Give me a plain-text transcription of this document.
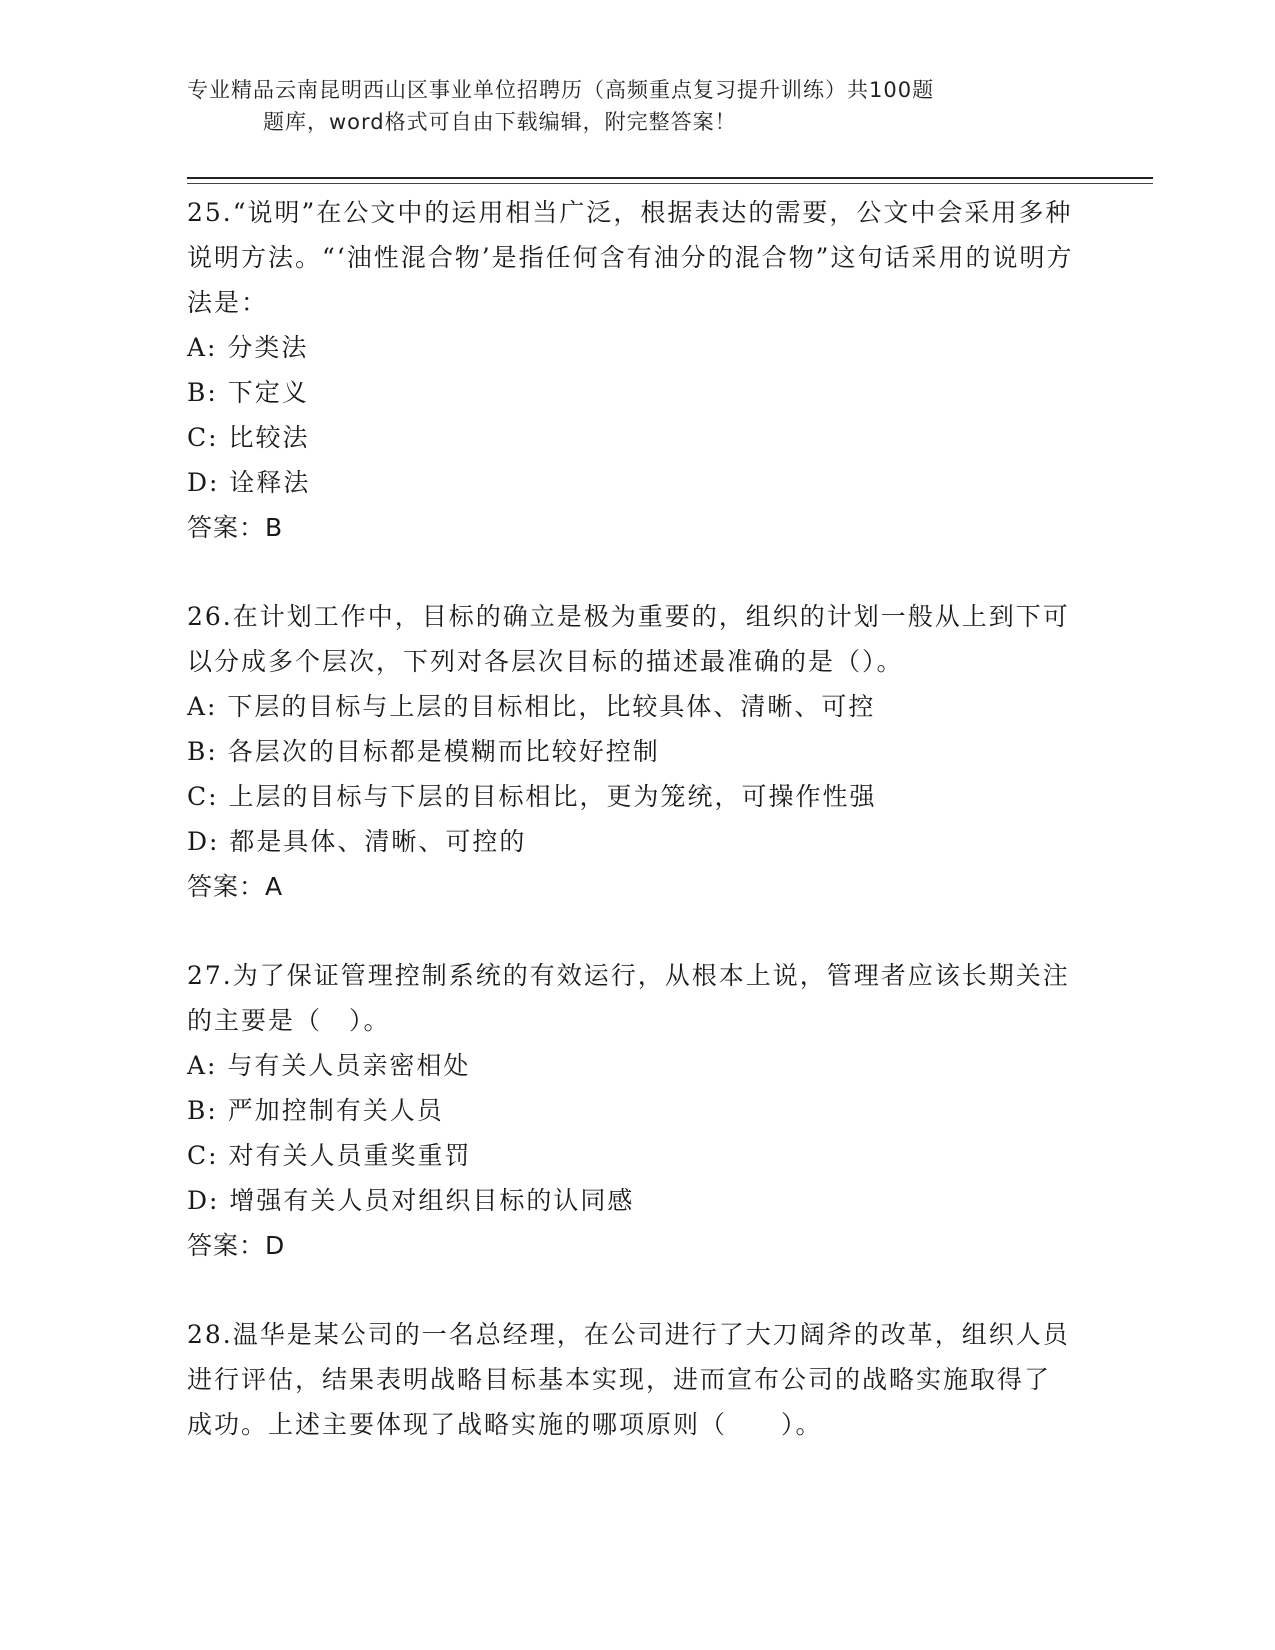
专业精品云南昆明西山区事业单位招聘历（高频重点复习提升训练）共100题
题库，word格式可自由下载编辑，附完整答案！

25.“说明”在公文中的运用相当广泛，根据表达的需要，公文中会采用多种说明方法。“‘油性混合物’是指任何含有油分的混合物”这句话采用的说明方法是：

A: 分类法

B: 下定义

C: 比较法

D: 诠释法

答案：B

26.在计划工作中，目标的确立是极为重要的，组织的计划一般从上到下可以分成多个层次，下列对各层次目标的描述最准确的是（）。

A: 下层的目标与上层的目标相比，比较具体、清晰、可控

B: 各层次的目标都是模糊而比较好控制

C: 上层的目标与下层的目标相比，更为笼统，可操作性强

D: 都是具体、清晰、可控的

答案：A

27.为了保证管理控制系统的有效运行，从根本上说，管理者应该长期关注的主要是（　）。

A: 与有关人员亲密相处

B: 严加控制有关人员

C: 对有关人员重奖重罚

D: 增强有关人员对组织目标的认同感

答案：D

28.温华是某公司的一名总经理，在公司进行了大刀阔斧的改革，组织人员进行评估，结果表明战略目标基本实现，进而宣布公司的战略实施取得了成功。上述主要体现了战略实施的哪项原则（　　）。
